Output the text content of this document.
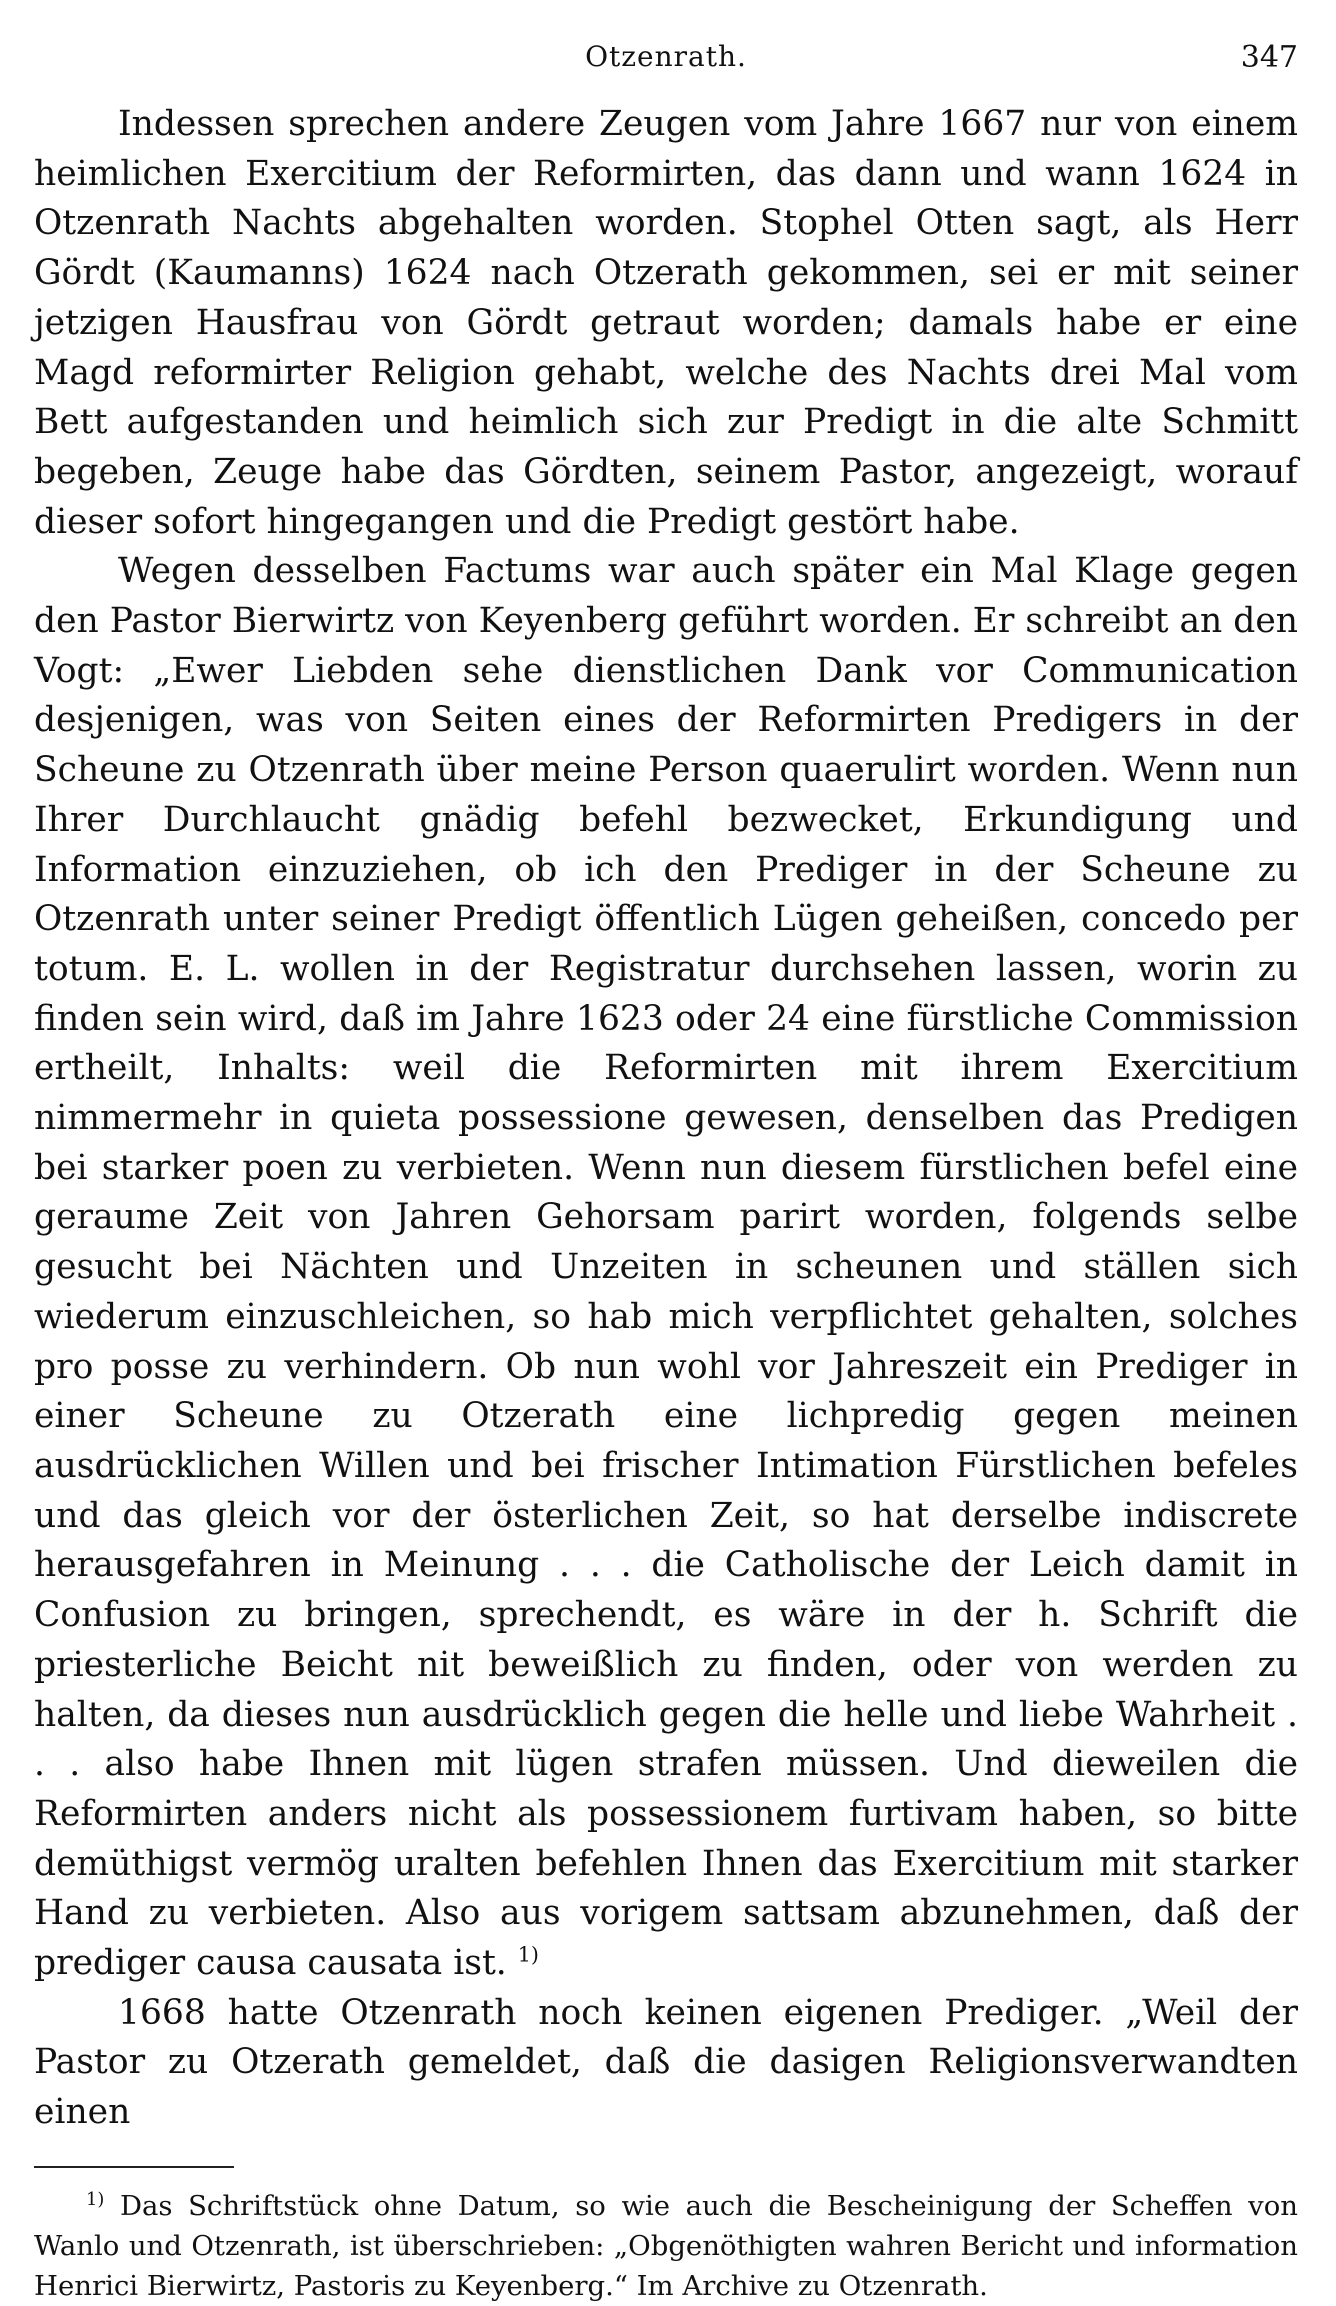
Otzenrath.	347

Indessen sprechen andere Zeugen vom Jahre 1667 nur von einem heimlichen Exercitium der Reformirten, das dann und wann 1624 in Otzenrath Nachts abgehalten worden. Stophel Otten sagt, als Herr Gördt (Kaumanns) 1624 nach Otzerath gekommen, sei er mit seiner jetzigen Hausfrau von Gördt getraut worden; damals habe er eine Magd reformirter Religion gehabt, welche des Nachts drei Mal vom Bett aufgestanden und heimlich sich zur Predigt in die alte Schmitt begeben, Zeuge habe das Gördten, seinem Pastor, angezeigt, worauf dieser sofort hingegangen und die Predigt gestört habe.

Wegen desselben Factums war auch später ein Mal Klage gegen den Pastor Bierwirtz von Keyenberg geführt worden. Er schreibt an den Vogt: „Ewer Liebden sehe dienstlichen Dank vor Communication desjenigen, was von Seiten eines der Reformirten Predigers in der Scheune zu Otzenrath über meine Person quaerulirt worden. Wenn nun Ihrer Durchlaucht gnädig befehl bezwecket, Erkundigung und Information einzuziehen, ob ich den Prediger in der Scheune zu Otzenrath unter seiner Predigt öffentlich Lügen geheißen, concedo per totum. E. L. wollen in der Registratur durchsehen lassen, worin zu finden sein wird, daß im Jahre 1623 oder 24 eine fürstliche Commission ertheilt, Inhalts: weil die Reformirten mit ihrem Exercitium nimmermehr in quieta possessione gewesen, denselben das Predigen bei starker poen zu verbieten. Wenn nun diesem fürstlichen befel eine geraume Zeit von Jahren Gehorsam parirt worden, folgends selbe gesucht bei Nächten und Unzeiten in scheunen und ställen sich wiederum einzuschleichen, so hab mich verpflichtet gehalten, solches pro posse zu verhindern. Ob nun wohl vor Jahreszeit ein Prediger in einer Scheune zu Otzerath eine lichpredig gegen meinen ausdrücklichen Willen und bei frischer Intimation Fürstlichen befeles und das gleich vor der österlichen Zeit, so hat derselbe indiscrete herausgefahren in Meinung . . . die Catholische der Leich damit in Confusion zu bringen, sprechendt, es wäre in der h. Schrift die priesterliche Beicht nit beweißlich zu finden, oder von werden zu halten, da dieses nun ausdrücklich gegen die helle und liebe Wahrheit . . . also habe Ihnen mit lügen strafen müssen. Und dieweilen die Reformirten anders nicht als possessionem furtivam haben, so bitte demüthigst vermög uralten befehlen Ihnen das Exercitium mit starker Hand zu verbieten. Also aus vorigem sattsam abzunehmen, daß der prediger causa causata ist. $^{1)}$

1668 hatte Otzenrath noch keinen eigenen Prediger. „Weil der Pastor zu Otzerath gemeldet, daß die dasigen Religionsverwandten einen

$^{1)}$ Das Schriftstück ohne Datum, so wie auch die Bescheinigung der Scheffen von Wanlo und Otzenrath, ist überschrieben: „Obgenöthigten wahren Bericht und information Henrici Bierwirtz, Pastoris zu Keyenberg.“ Im Archive zu Otzenrath.
